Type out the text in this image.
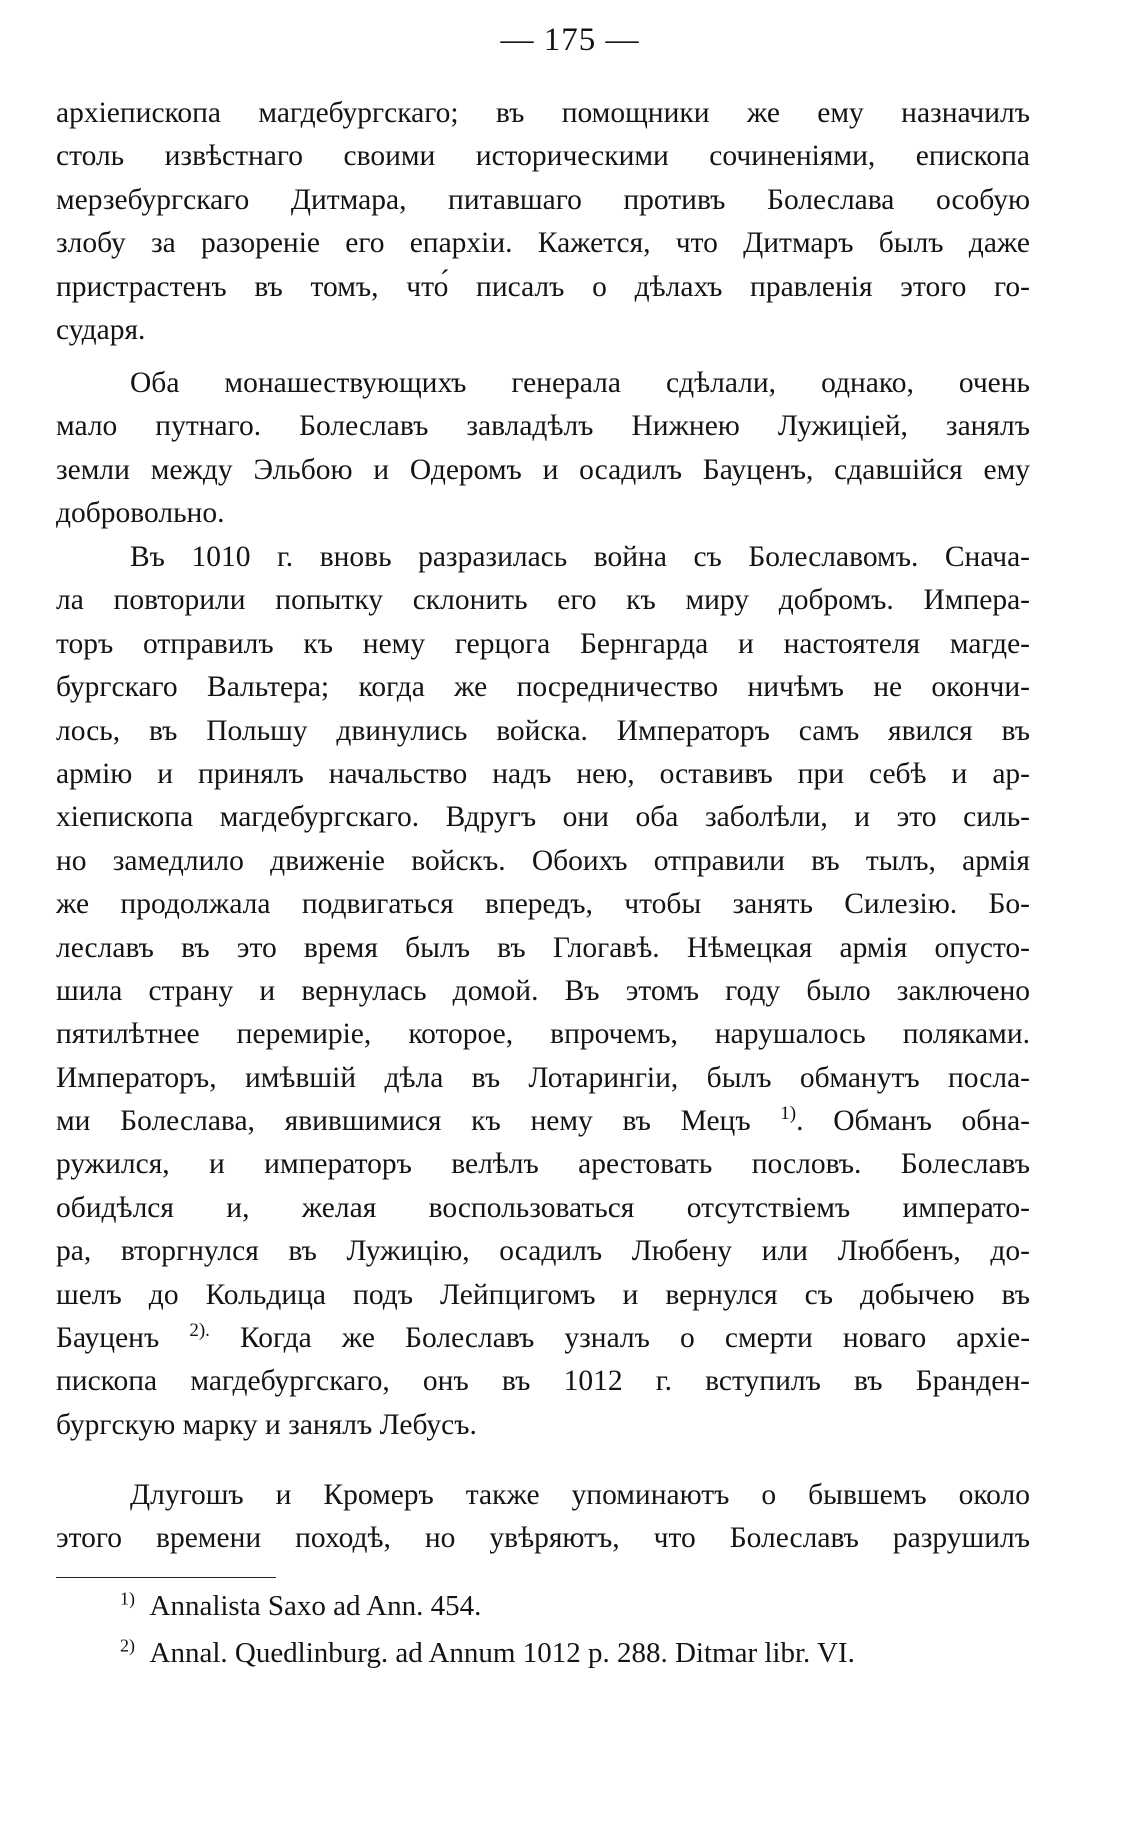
— 175 —
архіепископа магдебургскаго; въ помощники же ему назначилъ
столь извѣстнаго своими историческими сочиненіями, епископа
мерзебургскаго Дитмара, питавшаго противъ Болеслава особую
злобу за разореніе его епархіи. Кажется, что Дитмаръ былъ даже
пристрастенъ въ томъ, что́ писалъ о дѣлахъ правленія этого го-
сударя.
Оба монашествующихъ генерала сдѣлали, однако, очень
мало путнаго. Болеславъ завладѣлъ Нижнею Лужицiей, занялъ
земли между Эльбою и Одеромъ и осадилъ Бауценъ, сдавшійся ему
добровольно.
Въ 1010 г. вновь разразилась война съ Болеславомъ. Снача-
ла повторили попытку склонить его къ миру добромъ. Импера-
торъ отправилъ къ нему герцога Бернгарда и настоятеля магде-
бургскаго Вальтера; когда же посредничество ничѣмъ не окончи-
лось, въ Польшу двинулись войска. Императоръ самъ явился въ
армію и принялъ начальство надъ нею, оставивъ при себѣ и ар-
хіепископа магдебургскаго. Вдругъ они оба заболѣли, и это силь-
но замедлило движеніе войскъ. Обоихъ отправили въ тылъ, армія
же продолжала подвигаться впередъ, чтобы занять Силезію. Бо-
леславъ въ это время былъ въ Глогавѣ. Нѣмецкая армія опусто-
шила страну и вернулась домой. Въ этомъ году было заключено
пятилѣтнее перемиріе, которое, впрочемъ, нарушалось поляками.
Императоръ, имѣвшій дѣла въ Лотарингіи, былъ обманутъ посла-
ми Болеслава, явившимися къ нему въ Мецъ $^{1)}$. Обманъ обна-
ружился, и императоръ велѣлъ арестовать пословъ. Болеславъ
обидѣлся и, желая воспользоваться отсутствіемъ императо-
ра, вторгнулся въ Лужицію, осадилъ Любену или Люббенъ, до-
шелъ до Кольдица подъ Лейпцигомъ и вернулся съ добычею въ
Бауценъ $^{2).}$ Когда же Болеславъ узналъ о смерти новаго архіе-
пископа магдебургскаго, онъ въ 1012 г. вступилъ въ Бранден-
бургскую марку и занялъ Лебусъ.
Длугошъ и Кромеръ также упоминаютъ о бывшемъ около
этого времени походѣ, но увѣряютъ, что Болеславъ разрушилъ
$^{1)}$ Annalista Saxo ad Ann. 454.
$^{2)}$ Annal. Quedlinburg. ad Annum 1012 p. 288. Ditmar libr. VI.
